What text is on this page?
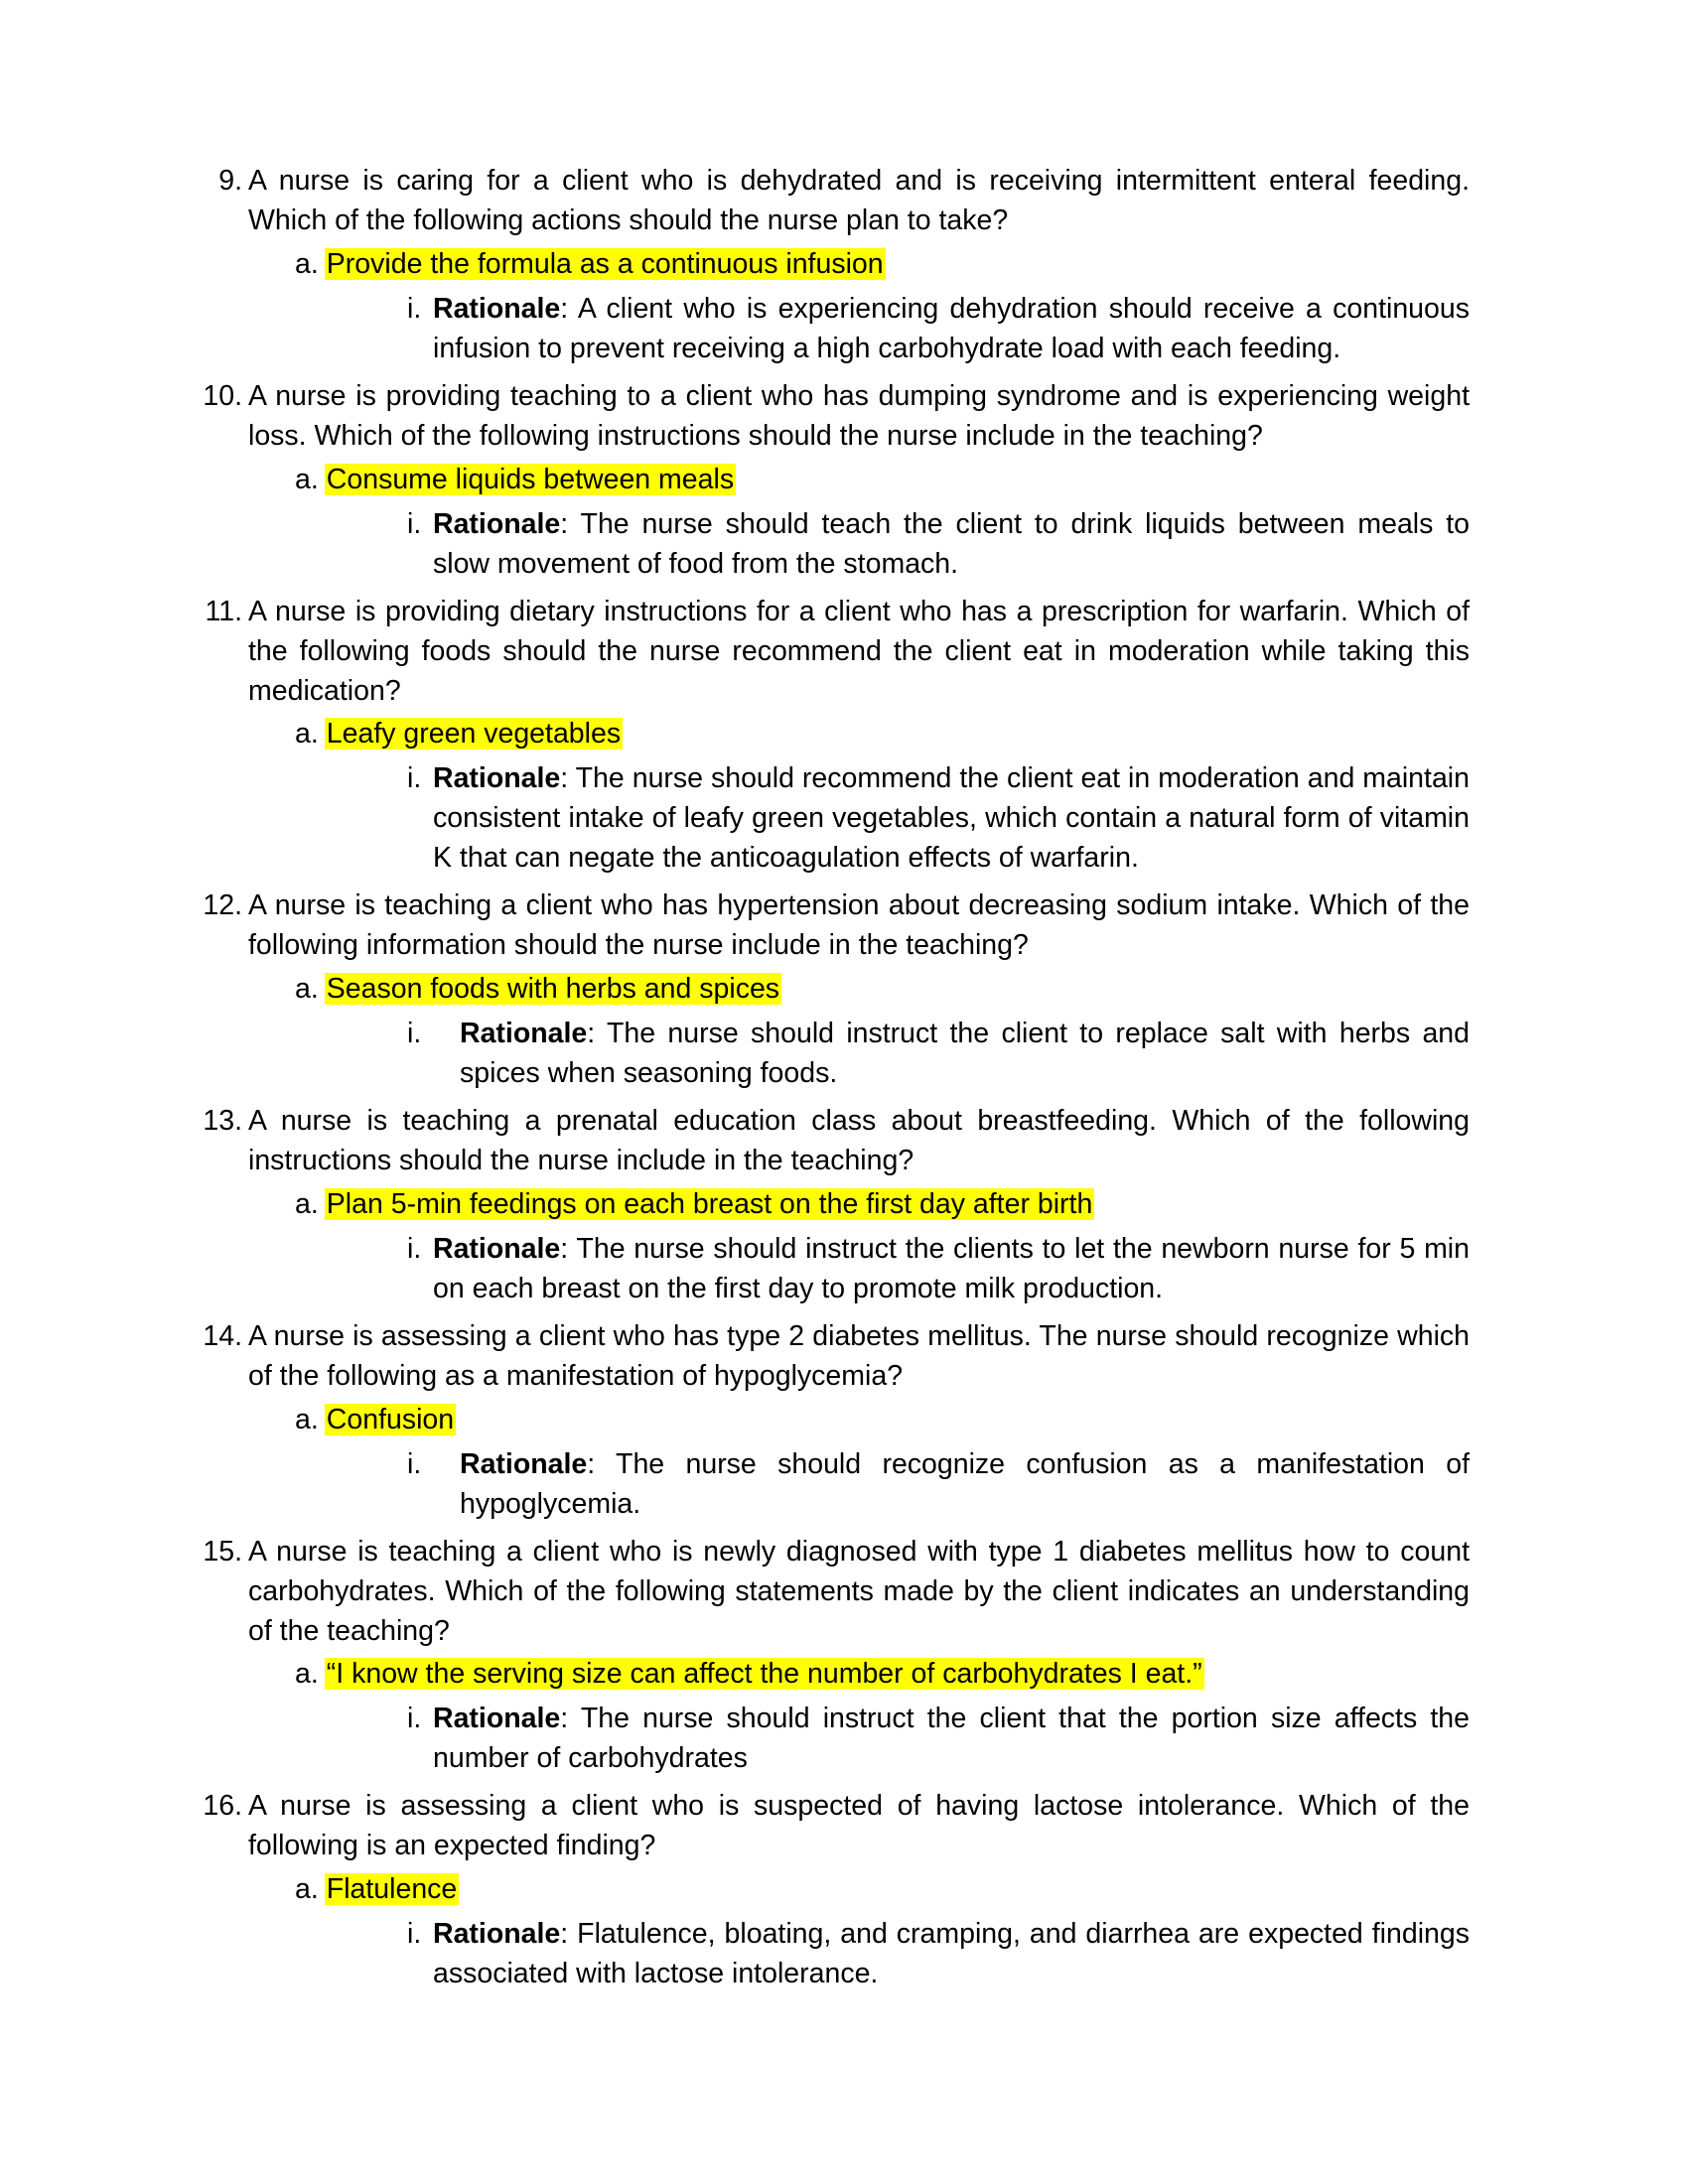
9. A nurse is caring for a client who is dehydrated and is receiving intermittent enteral feeding. Which of the following actions should the nurse plan to take?
a. Provide the formula as a continuous infusion
i. Rationale: A client who is experiencing dehydration should receive a continuous infusion to prevent receiving a high carbohydrate load with each feeding.
10. A nurse is providing teaching to a client who has dumping syndrome and is experiencing weight loss. Which of the following instructions should the nurse include in the teaching?
a. Consume liquids between meals
i. Rationale: The nurse should teach the client to drink liquids between meals to slow movement of food from the stomach.
11. A nurse is providing dietary instructions for a client who has a prescription for warfarin. Which of the following foods should the nurse recommend the client eat in moderation while taking this medication?
a. Leafy green vegetables
i. Rationale: The nurse should recommend the client eat in moderation and maintain consistent intake of leafy green vegetables, which contain a natural form of vitamin K that can negate the anticoagulation effects of warfarin.
12. A nurse is teaching a client who has hypertension about decreasing sodium intake. Which of the following information should the nurse include in the teaching?
a. Season foods with herbs and spices
i. Rationale: The nurse should instruct the client to replace salt with herbs and spices when seasoning foods.
13. A nurse is teaching a prenatal education class about breastfeeding. Which of the following instructions should the nurse include in the teaching?
a. Plan 5-min feedings on each breast on the first day after birth
i. Rationale: The nurse should instruct the clients to let the newborn nurse for 5 min on each breast on the first day to promote milk production.
14. A nurse is assessing a client who has type 2 diabetes mellitus. The nurse should recognize which of the following as a manifestation of hypoglycemia?
a. Confusion
i. Rationale: The nurse should recognize confusion as a manifestation of hypoglycemia.
15. A nurse is teaching a client who is newly diagnosed with type 1 diabetes mellitus how to count carbohydrates. Which of the following statements made by the client indicates an understanding of the teaching?
a. “I know the serving size can affect the number of carbohydrates I eat.”
i. Rationale: The nurse should instruct the client that the portion size affects the number of carbohydrates
16. A nurse is assessing a client who is suspected of having lactose intolerance. Which of the following is an expected finding?
a. Flatulence
i. Rationale: Flatulence, bloating, and cramping, and diarrhea are expected findings associated with lactose intolerance.
